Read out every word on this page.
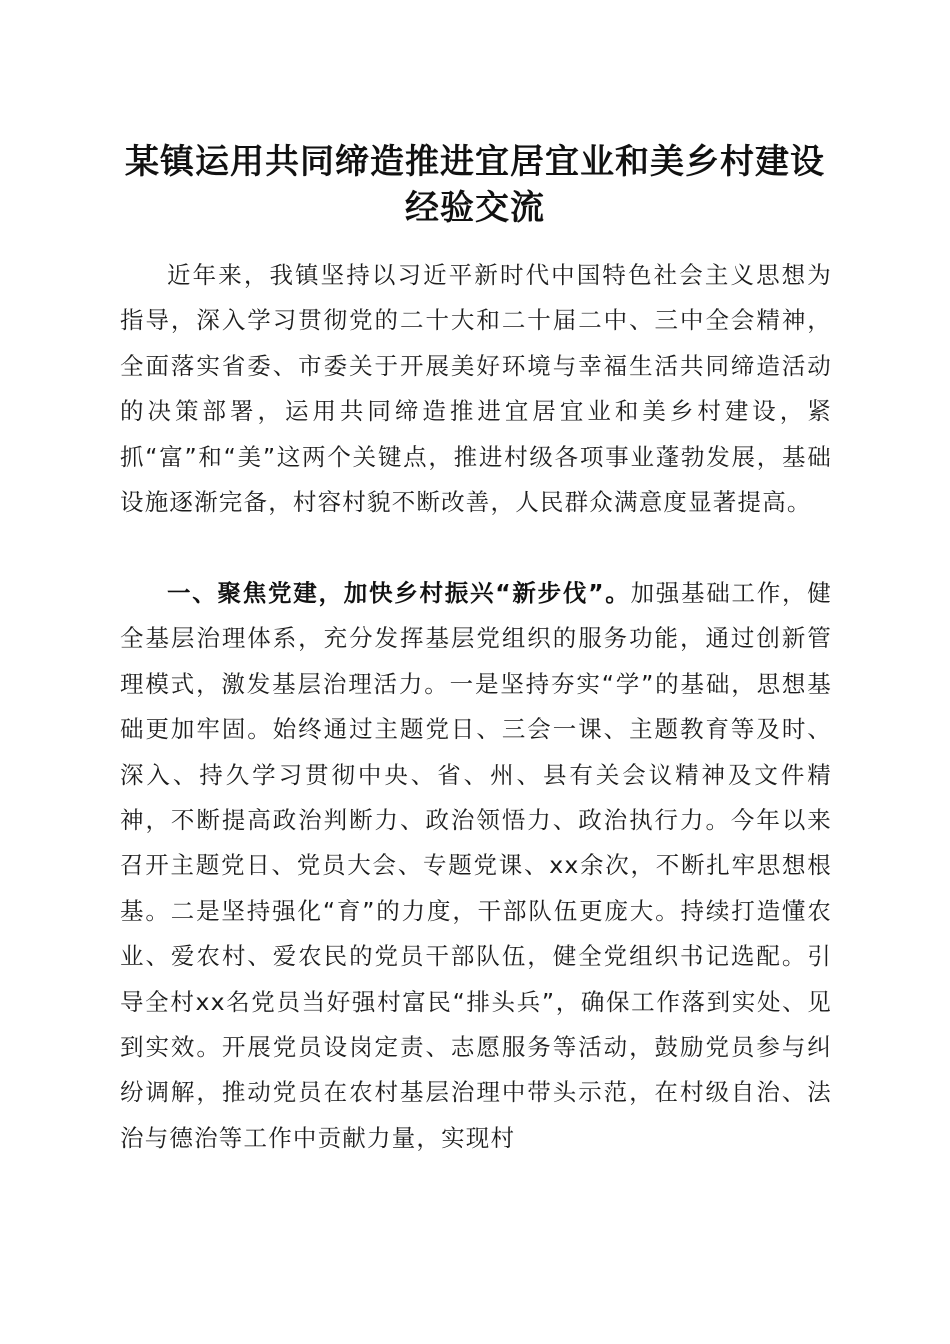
某镇运用共同缔造推进宜居宜业和美乡村建设
经验交流

近年来，我镇坚持以习近平新时代中国特色社会主义思想为指导，深入学习贯彻党的二十大和二十届二中、三中全会精神，全面落实省委、市委关于开展美好环境与幸福生活共同缔造活动的决策部署，运用共同缔造推进宜居宜业和美乡村建设，紧抓“富”和“美”这两个关键点，推进村级各项事业蓬勃发展，基础设施逐渐完备，村容村貌不断改善，人民群众满意度显著提高。

一、聚焦党建，加快乡村振兴“新步伐”。加强基础工作，健全基层治理体系，充分发挥基层党组织的服务功能，通过创新管理模式，激发基层治理活力。一是坚持夯实“学”的基础，思想基础更加牢固。始终通过主题党日、三会一课、主题教育等及时、深入、持久学习贯彻中央、省、州、县有关会议精神及文件精神，不断提高政治判断力、政治领悟力、政治执行力。今年以来召开主题党日、党员大会、专题党课、xx余次，不断扎牢思想根基。二是坚持强化“育”的力度，干部队伍更庞大。持续打造懂农业、爱农村、爱农民的党员干部队伍，健全党组织书记选配。引导全村xx名党员当好强村富民“排头兵”，确保工作落到实处、见到实效。开展党员设岗定责、志愿服务等活动，鼓励党员参与纠纷调解，推动党员在农村基层治理中带头示范，在村级自治、法治与德治等工作中贡献力量，实现村
